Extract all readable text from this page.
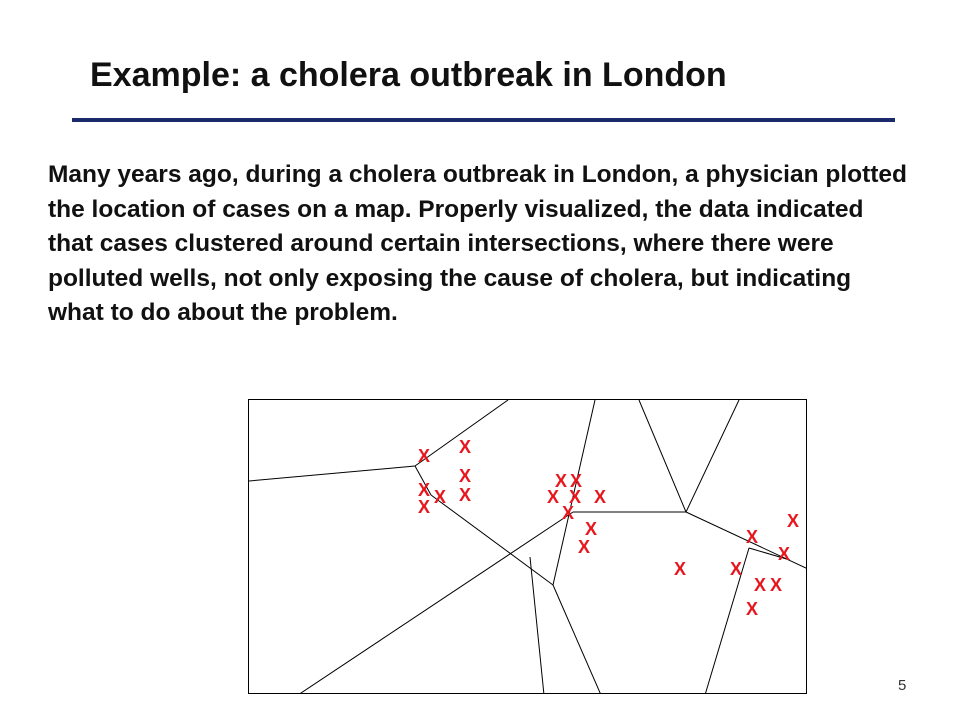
Example: a cholera outbreak in London

Many years ago, during a cholera outbreak in London, a physician plotted the location of cases on a map. Properly visualized, the data indicated that cases clustered around certain intersections, where there were polluted wells, not only exposing the cause of cholera, but indicating what to do about the problem.

X
X
X
X
X
X
X
X X
X X X
X
X
X
X
X
X
X X
X X
X
5
